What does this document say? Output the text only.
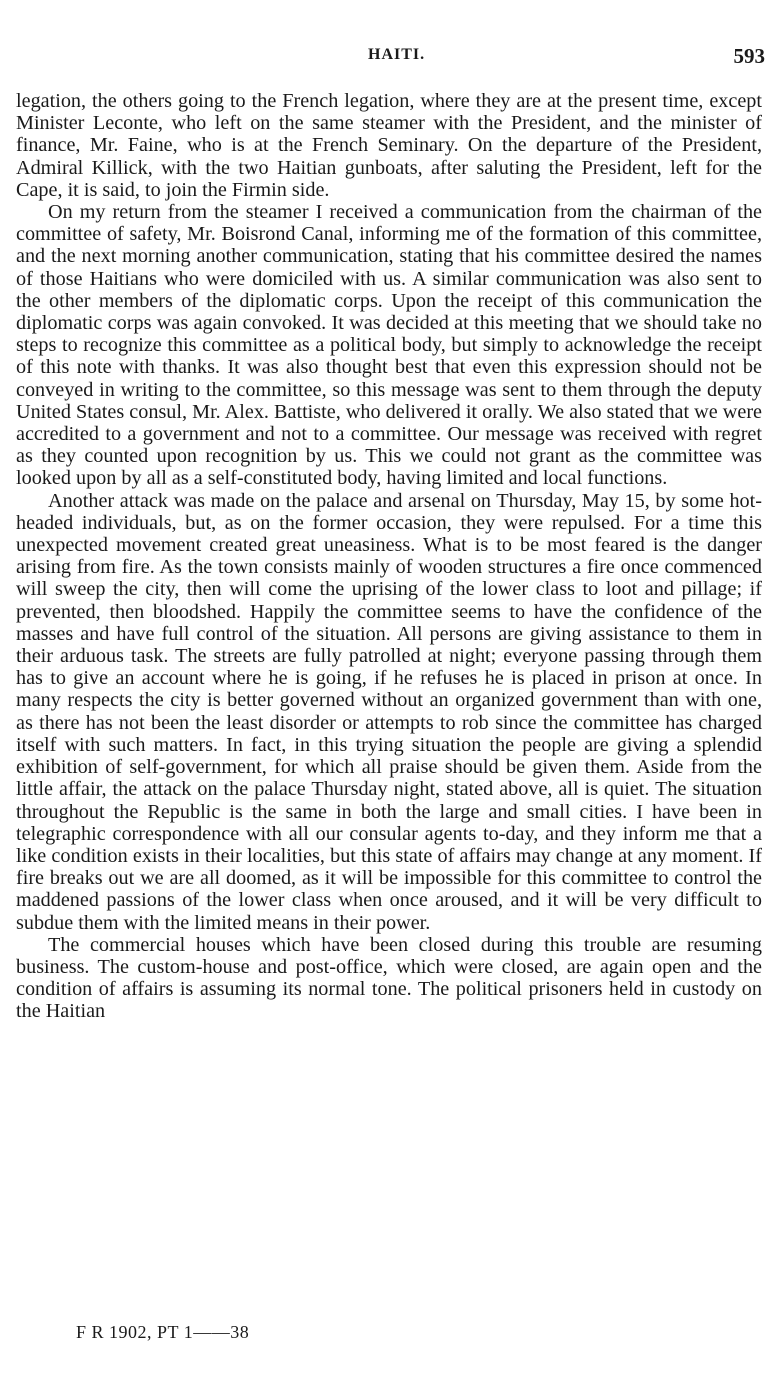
HAITI.	593

legation, the others going to the French legation, where they are at the present time, except Minister Leconte, who left on the same steamer with the President, and the minister of finance, Mr. Faine, who is at the French Seminary. On the departure of the President, Admiral Killick, with the two Haitian gunboats, after saluting the President, left for the Cape, it is said, to join the Firmin side.

On my return from the steamer I received a communication from the chairman of the committee of safety, Mr. Boisrond Canal, informing me of the formation of this committee, and the next morning another communication, stating that his committee desired the names of those Haitians who were domiciled with us. A similar communication was also sent to the other members of the diplomatic corps. Upon the receipt of this communication the diplomatic corps was again convoked. It was decided at this meeting that we should take no steps to recognize this committee as a political body, but simply to acknowledge the receipt of this note with thanks. It was also thought best that even this expression should not be conveyed in writing to the committee, so this message was sent to them through the deputy United States consul, Mr. Alex. Battiste, who delivered it orally. We also stated that we were accredited to a government and not to a committee. Our message was received with regret as they counted upon recognition by us. This we could not grant as the committee was looked upon by all as a self-constituted body, having limited and local functions.

Another attack was made on the palace and arsenal on Thursday, May 15, by some hot-headed individuals, but, as on the former occasion, they were repulsed. For a time this unexpected movement created great uneasiness. What is to be most feared is the danger arising from fire. As the town consists mainly of wooden structures a fire once commenced will sweep the city, then will come the uprising of the lower class to loot and pillage; if prevented, then bloodshed. Happily the committee seems to have the confidence of the masses and have full control of the situation. All persons are giving assistance to them in their arduous task. The streets are fully patrolled at night; everyone passing through them has to give an account where he is going, if he refuses he is placed in prison at once. In many respects the city is better governed without an organized government than with one, as there has not been the least disorder or attempts to rob since the committee has charged itself with such matters. In fact, in this trying situation the people are giving a splendid exhibition of self-government, for which all praise should be given them. Aside from the little affair, the attack on the palace Thursday night, stated above, all is quiet. The situation throughout the Republic is the same in both the large and small cities. I have been in telegraphic correspondence with all our consular agents to-day, and they inform me that a like condition exists in their localities, but this state of affairs may change at any moment. If fire breaks out we are all doomed, as it will be impossible for this committee to control the maddened passions of the lower class when once aroused, and it will be very difficult to subdue them with the limited means in their power.

The commercial houses which have been closed during this trouble are resuming business. The custom-house and post-office, which were closed, are again open and the condition of affairs is assuming its normal tone. The political prisoners held in custody on the Haitian

F R 1902, PT 1——38
